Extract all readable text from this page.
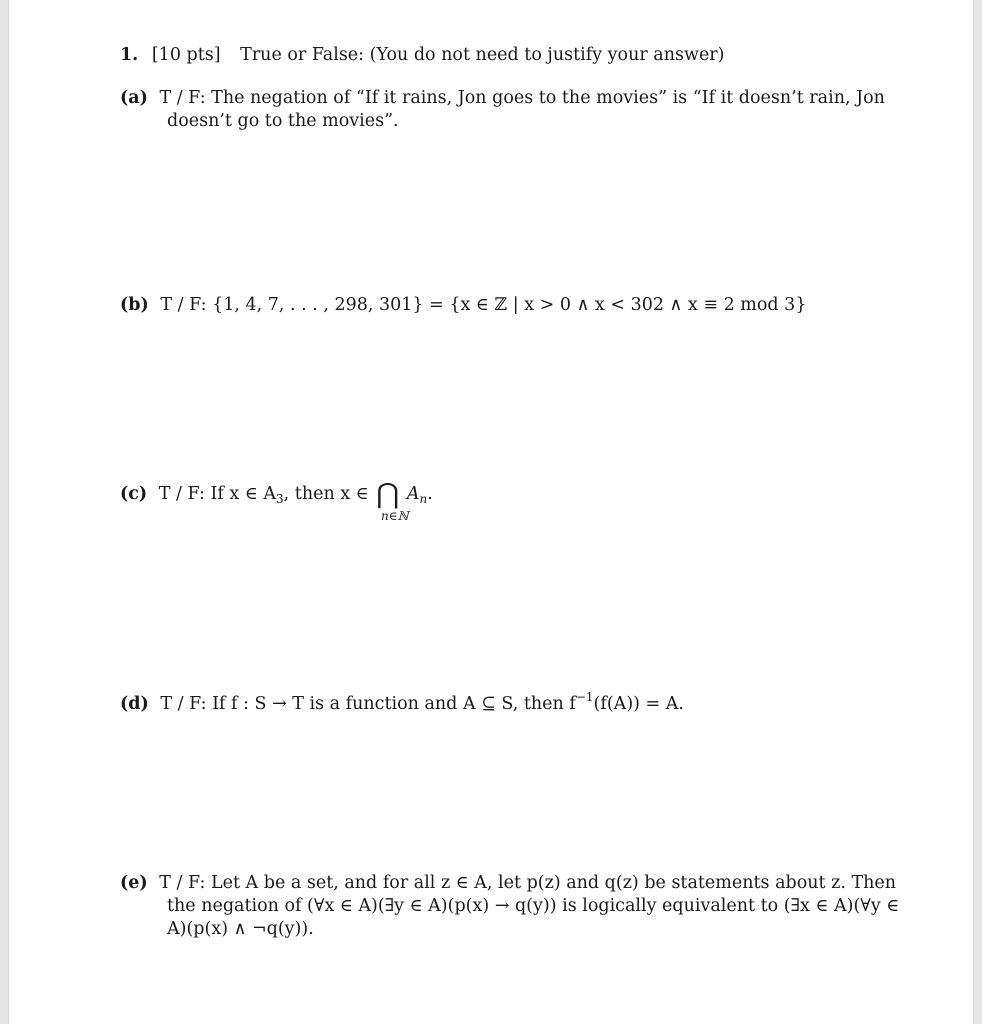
1. [10 pts] True or False: (You do not need to justify your answer)
(a) T / F: The negation of “If it rains, Jon goes to the movies” is “If it doesn’t rain, Jon
doesn’t go to the movies”.
(b) T / F: {1, 4, 7, . . . , 298, 301} = {x ∈ ℤ | x > 0 ∧ x < 302 ∧ x ≡ 2 mod 3}
(c) T / F: If x ∈ $A_3$, then x ∈ ⋂ $A_n$.
n∈ℕ
(d) T / F: If f : S → T is a function and A ⊆ S, then $f^{-1}(f(A)) = A$.
(e) T / F: Let A be a set, and for all z ∈ A, let p(z) and q(z) be statements about z. Then
the negation of (∀x ∈ A)(∃y ∈ A)(p(x) → q(y)) is logically equivalent to (∃x ∈ A)(∀y ∈
A)(p(x) ∧ ¬q(y)).
